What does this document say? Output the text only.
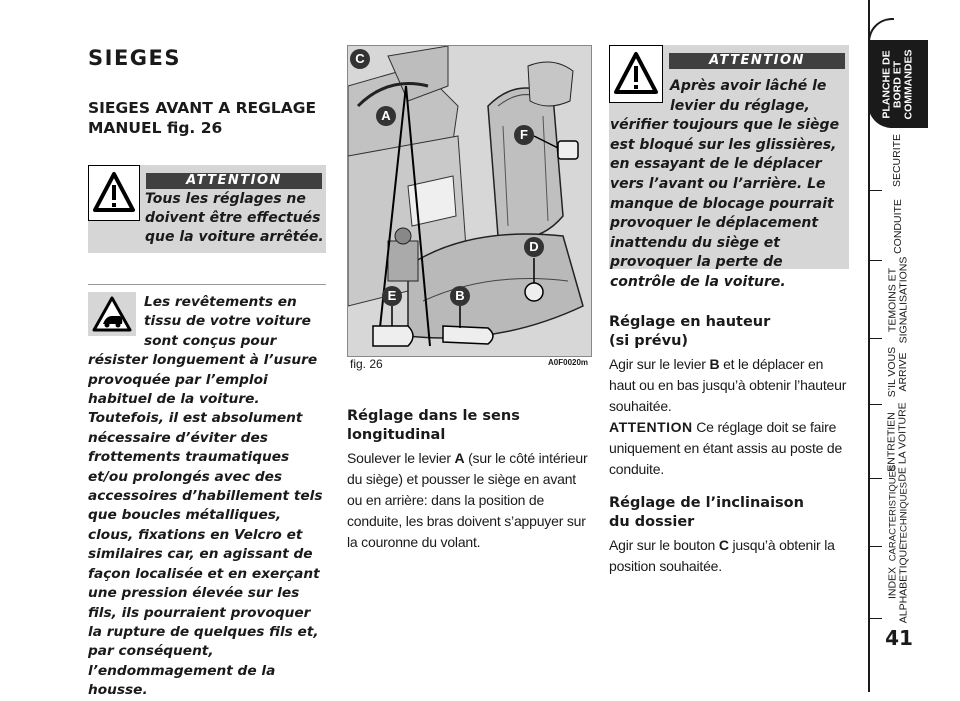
SIEGES
SIEGES AVANT A REGLAGE MANUEL fig. 26
ATTENTION
Tous les réglages ne doivent être effectués que la voiture arrêtée.
Les revêtements en tissu de votre voiture sont conçus pour résister longuement à l’usure provoquée par l’emploi habituel de la voiture. Toutefois, il est absolument nécessaire d’éviter des frottements traumatiques et/ou prolongés avec des accessoires d’habillement tels que boucles métalliques, clous, fixations en Velcro et similaires car, en agissant de façon localisée et en exerçant une pression élevée sur les fils, ils pourraient provoquer la rupture de quelques fils et, par conséquent, l’endommagement de la housse.
C
A
F
D
E	B
fig. 26	A0F0020m
Réglage dans le sens longitudinal
Soulever le levier A (sur le côté intérieur du siège) et pousser le siège en avant ou en arrière: dans la position de conduite, les bras doivent s’appuyer sur la couronne du volant.
ATTENTION
Après avoir lâché le levier du réglage, vérifier toujours que le siège est bloqué sur les glissières, en essayant de le déplacer vers l’avant ou l’arrière. Le manque de blocage pourrait provoquer le déplacement inattendu du siège et provoquer la perte de contrôle de la voiture.
Réglage en hauteur (si prévu)
Agir sur le levier B et le déplacer en haut ou en bas jusqu’à obtenir l’hauteur souhaitée.
ATTENTION Ce réglage doit se faire uniquement en étant assis au poste de conduite.
Réglage de l’inclinaison du dossier
Agir sur le bouton C jusqu’à obtenir la position souhaitée.
PLANCHE DE
BORD ET
COMMANDES
SECURITE
CONDUITE
TEMOINS ET
SIGNALISATIONS
S’IL VOUS
ARRIVE
ENTRETIEN
DE LA VOITURE
CARACTERISTIQUES
TECHNIQUES
INDEX
ALPHABETIQUE
41
